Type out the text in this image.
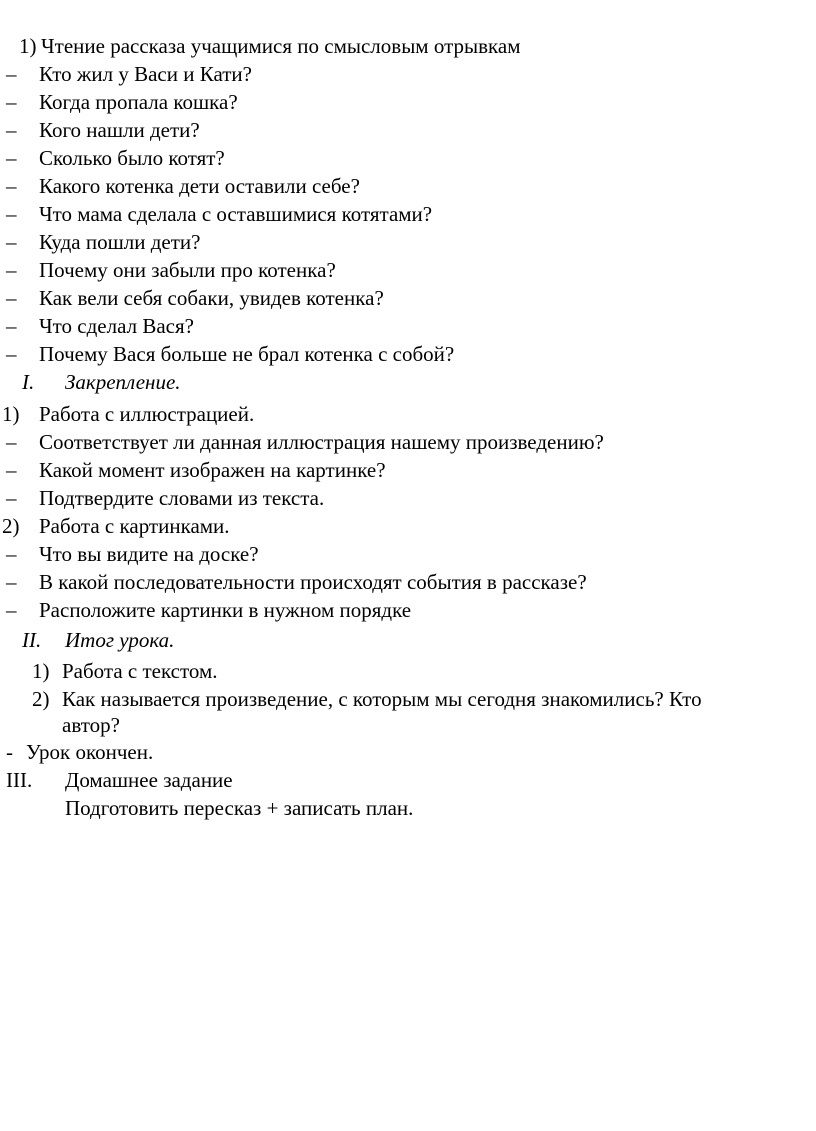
1) Чтение рассказа учащимися по смысловым отрывкам
– Кто жил у Васи и Кати?
– Когда пропала кошка?
– Кого нашли дети?
– Сколько было котят?
– Какого котенка дети оставили себе?
– Что мама сделала с оставшимися котятами?
– Куда пошли дети?
– Почему они забыли про котенка?
– Как вели себя собаки, увидев котенка?
– Что сделал Вася?
– Почему Вася больше не брал котенка с собой?
I. Закрепление.
1) Работа с иллюстрацией.
– Соответствует ли данная иллюстрация нашему произведению?
– Какой момент изображен на картинке?
– Подтвердите словами из текста.
2) Работа с картинками.
– Что вы видите на доске?
– В какой последовательности происходят события в рассказе?
– Расположите картинки в нужном порядке
II. Итог урока.
1) Работа с текстом.
2) Как называется произведение, с которым мы сегодня знакомились? Кто
автор?
- Урок окончен.
III. Домашнее задание
Подготовить пересказ + записать план.
